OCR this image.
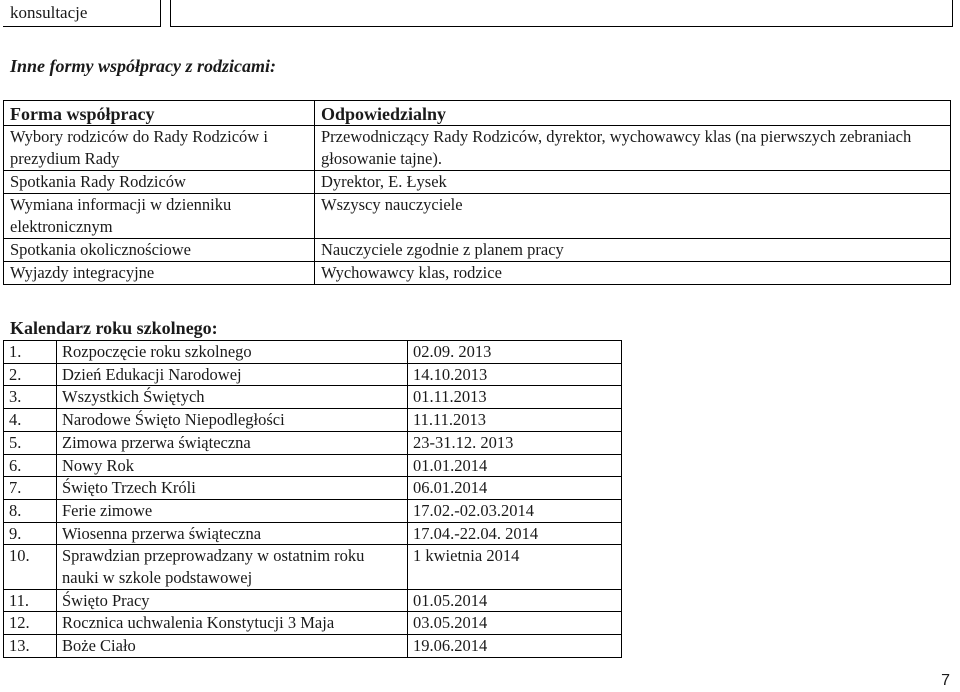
konsultacje
Inne formy współpracy z rodzicami:
Forma współpracy	Odpowiedzialny
Wybory rodziców do Rady Rodziców i prezydium Rady	Przewodniczący Rady Rodziców, dyrektor, wychowawcy klas (na pierwszych zebraniach głosowanie tajne).
Spotkania Rady Rodziców	Dyrektor, E. Łysek
Wymiana informacji w dzienniku elektronicznym	Wszyscy nauczyciele
Spotkania okolicznościowe	Nauczyciele zgodnie z planem pracy
Wyjazdy integracyjne	Wychowawcy klas, rodzice
Kalendarz roku szkolnego:
1.	Rozpoczęcie roku szkolnego	02.09. 2013
2.	Dzień Edukacji Narodowej	14.10.2013
3.	Wszystkich Świętych	01.11.2013
4.	Narodowe Święto Niepodległości	11.11.2013
5.	Zimowa przerwa świąteczna	23-31.12. 2013
6.	Nowy Rok	01.01.2014
7.	Święto Trzech Króli	06.01.2014
8.	Ferie zimowe	17.02.-02.03.2014
9.	Wiosenna przerwa świąteczna	17.04.-22.04. 2014
10.	Sprawdzian przeprowadzany w ostatnim roku nauki w szkole podstawowej	1 kwietnia 2014
11.	Święto Pracy	01.05.2014
12.	Rocznica uchwalenia Konstytucji 3 Maja	03.05.2014
13.	Boże Ciało	19.06.2014
7
